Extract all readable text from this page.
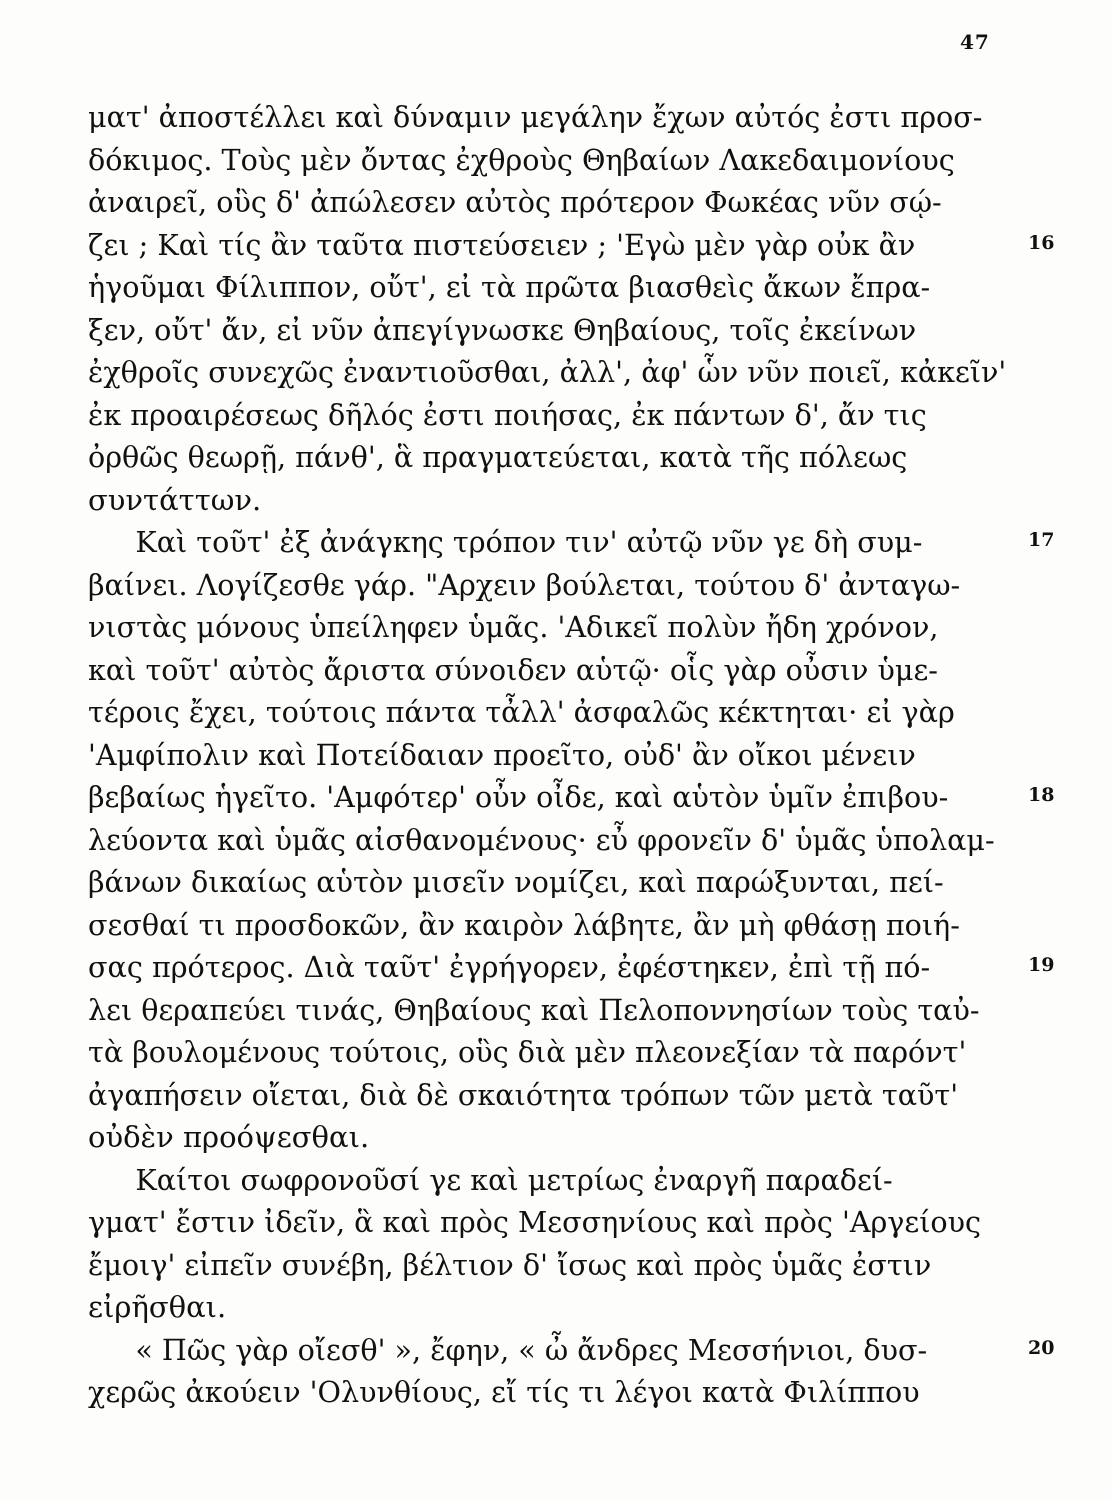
47
ματ' ἀποστέλλει καὶ δύναμιν μεγάλην ἔχων αὐτός ἐστι προσ-
δόκιμος. Τοὺς μὲν ὄντας ἐχθροὺς Θηβαίων Λακεδαιμονίους
ἀναιρεῖ, οὓς δ' ἀπώλεσεν αὐτὸς πρότερον Φωκέας νῦν σῴ-
ζει ; Καὶ τίς ἂν ταῦτα πιστεύσειεν ; 'Εγὼ μὲν γὰρ οὐκ ἂν
ἡγοῦμαι Φίλιππον, οὔτ', εἰ τὰ πρῶτα βιασθεὶς ἄκων ἔπρα-
ξεν, οὔτ' ἄν, εἰ νῦν ἀπεγίγνωσκε Θηβαίους, τοῖς ἐκείνων
ἐχθροῖς συνεχῶς ἐναντιοῦσθαι, ἀλλ', ἀφ' ὧν νῦν ποιεῖ, κἀκεῖν'
ἐκ προαιρέσεως δῆλός ἐστι ποιήσας, ἐκ πάντων δ', ἄν τις
ὀρθῶς θεωρῇ, πάνθ', ἃ πραγματεύεται, κατὰ τῆς πόλεως
συντάττων.
Καὶ τοῦτ' ἐξ ἀνάγκης τρόπον τιν' αὐτῷ νῦν γε δὴ συμ-
βαίνει. Λογίζεσθε γάρ. "Αρχειν βούλεται, τούτου δ' ἀνταγω-
νιστὰς μόνους ὑπείληφεν ὑμᾶς. 'Αδικεῖ πολὺν ἤδη χρόνον,
καὶ τοῦτ' αὐτὸς ἄριστα σύνοιδεν αὑτῷ· οἷς γὰρ οὖσιν ὑμε-
τέροις ἔχει, τούτοις πάντα τἆλλ' ἀσφαλῶς κέκτηται· εἰ γὰρ
'Αμφίπολιν καὶ Ποτείδαιαν προεῖτο, οὐδ' ἂν οἴκοι μένειν
βεβαίως ἡγεῖτο. 'Αμφότερ' οὖν οἶδε, καὶ αὑτὸν ὑμῖν ἐπιβου-
λεύοντα καὶ ὑμᾶς αἰσθανομένους· εὖ φρονεῖν δ' ὑμᾶς ὑπολαμ-
βάνων δικαίως αὑτὸν μισεῖν νομίζει, καὶ παρώξυνται, πεί-
σεσθαί τι προσδοκῶν, ἂν καιρὸν λάβητε, ἂν μὴ φθάσῃ ποιή-
σας πρότερος. Διὰ ταῦτ' ἐγρήγορεν, ἐφέστηκεν, ἐπὶ τῇ πό-
λει θεραπεύει τινάς, Θηβαίους καὶ Πελοποννησίων τοὺς ταὐ-
τὰ βουλομένους τούτοις, οὓς διὰ μὲν πλεονεξίαν τὰ παρόντ'
ἀγαπήσειν οἴεται, διὰ δὲ σκαιότητα τρόπων τῶν μετὰ ταῦτ'
οὐδὲν προόψεσθαι.
Καίτοι σωφρονοῦσί γε καὶ μετρίως ἐναργῆ παραδεί-
γματ' ἔστιν ἰδεῖν, ἃ καὶ πρὸς Μεσσηνίους καὶ πρὸς 'Αργείους
ἔμοιγ' εἰπεῖν συνέβη, βέλτιον δ' ἴσως καὶ πρὸς ὑμᾶς ἐστιν
εἰρῆσθαι.
« Πῶς γὰρ οἴεσθ' », ἔφην, « ὦ ἄνδρες Μεσσήνιοι, δυσ-
χερῶς ἀκούειν 'Ολυνθίους, εἴ τίς τι λέγοι κατὰ Φιλίππου
16
17
18
19
20
